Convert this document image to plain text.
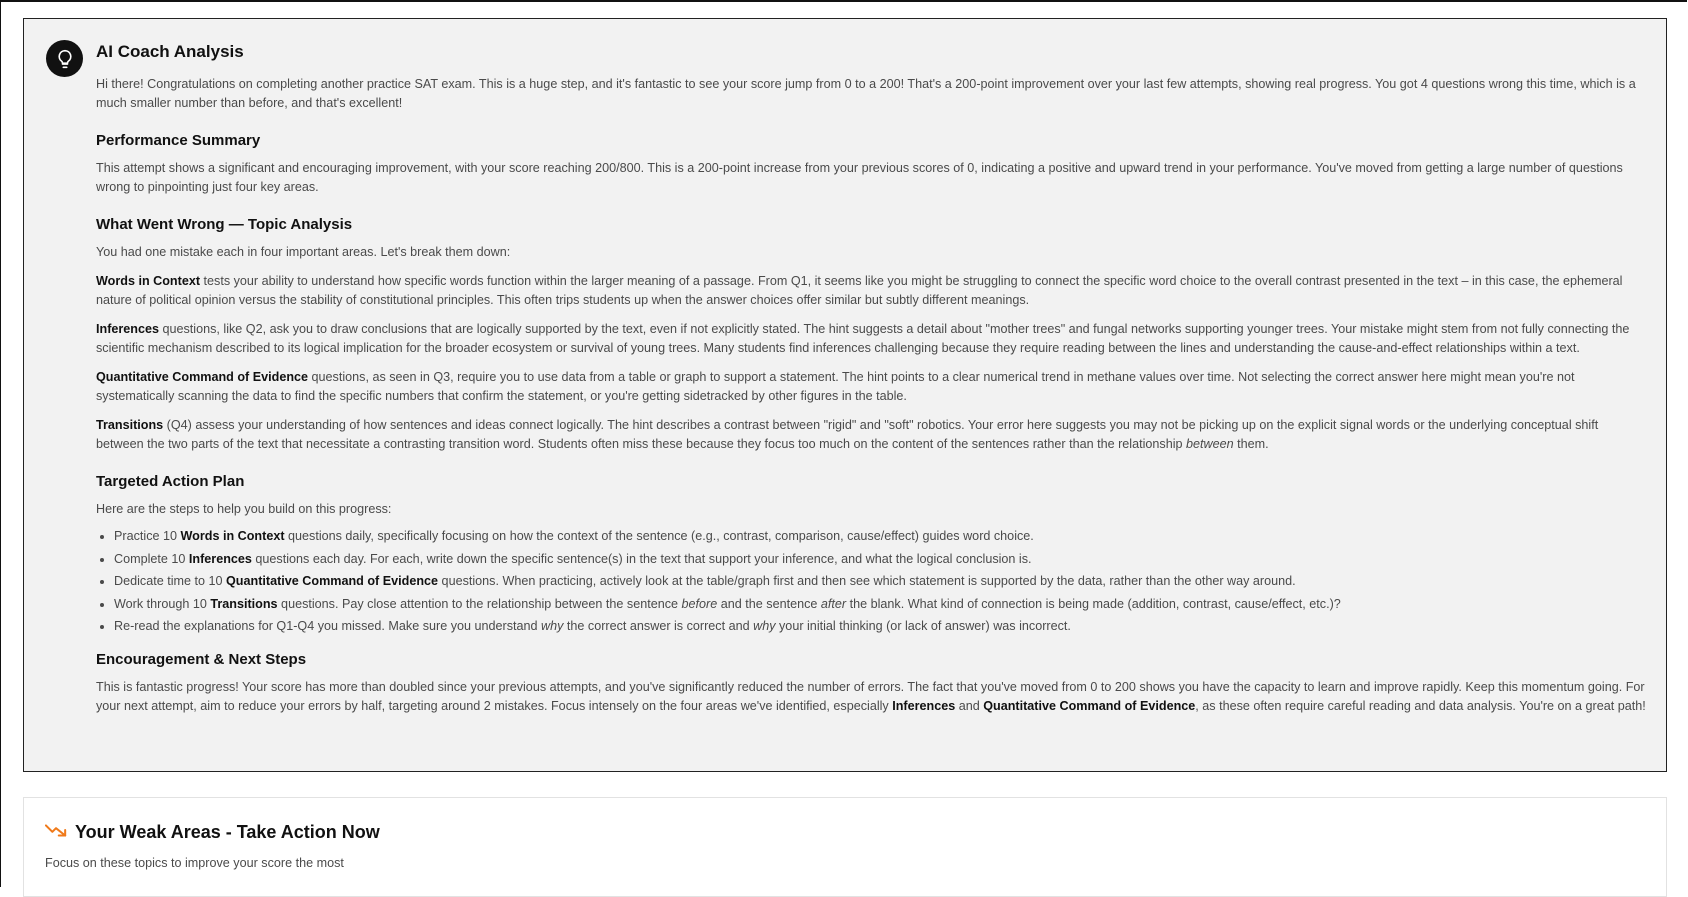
AI Coach Analysis

Hi there! Congratulations on completing another practice SAT exam. This is a huge step, and it's fantastic to see your score jump from 0 to a 200! That's a 200-point improvement over your last few attempts, showing real progress. You got 4 questions wrong this time, which is a much smaller number than before, and that's excellent!

Performance Summary

This attempt shows a significant and encouraging improvement, with your score reaching 200/800. This is a 200-point increase from your previous scores of 0, indicating a positive and upward trend in your performance. You've moved from getting a large number of questions wrong to pinpointing just four key areas.

What Went Wrong — Topic Analysis

You had one mistake each in four important areas. Let's break them down:

Words in Context tests your ability to understand how specific words function within the larger meaning of a passage. From Q1, it seems like you might be struggling to connect the specific word choice to the overall contrast presented in the text – in this case, the ephemeral nature of political opinion versus the stability of constitutional principles. This often trips students up when the answer choices offer similar but subtly different meanings.

Inferences questions, like Q2, ask you to draw conclusions that are logically supported by the text, even if not explicitly stated. The hint suggests a detail about "mother trees" and fungal networks supporting younger trees. Your mistake might stem from not fully connecting the scientific mechanism described to its logical implication for the broader ecosystem or survival of young trees. Many students find inferences challenging because they require reading between the lines and understanding the cause-and-effect relationships within a text.

Quantitative Command of Evidence questions, as seen in Q3, require you to use data from a table or graph to support a statement. The hint points to a clear numerical trend in methane values over time. Not selecting the correct answer here might mean you're not systematically scanning the data to find the specific numbers that confirm the statement, or you're getting sidetracked by other figures in the table.

Transitions (Q4) assess your understanding of how sentences and ideas connect logically. The hint describes a contrast between "rigid" and "soft" robotics. Your error here suggests you may not be picking up on the explicit signal words or the underlying conceptual shift between the two parts of the text that necessitate a contrasting transition word. Students often miss these because they focus too much on the content of the sentences rather than the relationship between them.

Targeted Action Plan

Here are the steps to help you build on this progress:

• Practice 10 Words in Context questions daily, specifically focusing on how the context of the sentence (e.g., contrast, comparison, cause/effect) guides word choice.
• Complete 10 Inferences questions each day. For each, write down the specific sentence(s) in the text that support your inference, and what the logical conclusion is.
• Dedicate time to 10 Quantitative Command of Evidence questions. When practicing, actively look at the table/graph first and then see which statement is supported by the data, rather than the other way around.
• Work through 10 Transitions questions. Pay close attention to the relationship between the sentence before and the sentence after the blank. What kind of connection is being made (addition, contrast, cause/effect, etc.)?
• Re-read the explanations for Q1-Q4 you missed. Make sure you understand why the correct answer is correct and why your initial thinking (or lack of answer) was incorrect.
Encouragement & Next Steps

This is fantastic progress! Your score has more than doubled since your previous attempts, and you've significantly reduced the number of errors. The fact that you've moved from 0 to 200 shows you have the capacity to learn and improve rapidly. Keep this momentum going. For your next attempt, aim to reduce your errors by half, targeting around 2 mistakes. Focus intensely on the four areas we've identified, especially Inferences and Quantitative Command of Evidence, as these often require careful reading and data analysis. You're on a great path!

Your Weak Areas - Take Action Now
Focus on these topics to improve your score the most
